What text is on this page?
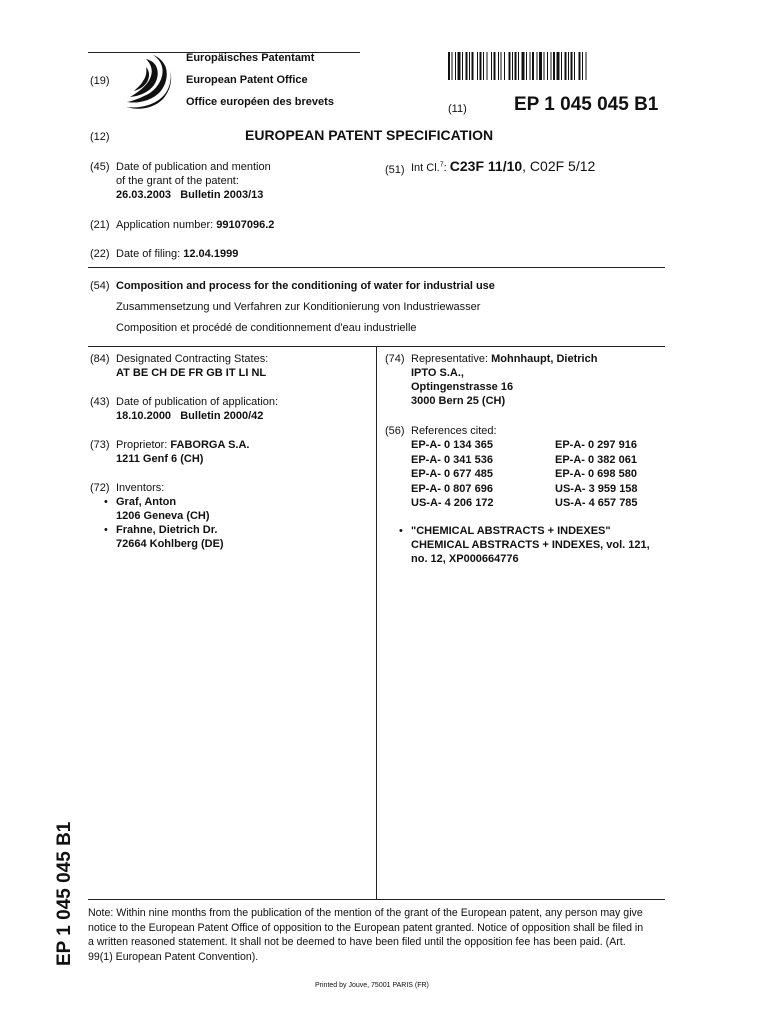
(19)
Europäisches Patentamt
European Patent Office
Office européen des brevets
(11) EP 1 045 045 B1
(12)	EUROPEAN PATENT SPECIFICATION
(45) Date of publication and mention
of the grant of the patent:
26.03.2003   Bulletin 2003/13
(51) Int Cl.$^7$: C23F 11/10, C02F 5/12
(21) Application number: 99107096.2
(22) Date of filing: 12.04.1999
(54) Composition and process for the conditioning of water for industrial use
Zusammensetzung und Verfahren zur Konditionierung von Industriewasser
Composition et procédé de conditionnement d'eau industrielle
(84) Designated Contracting States:
AT BE CH DE FR GB IT LI NL
(43) Date of publication of application:
18.10.2000   Bulletin 2000/42
(73) Proprietor: FABORGA S.A.
1211 Genf 6 (CH)
(72) Inventors:
• Graf, Anton
1206 Geneva (CH)
• Frahne, Dietrich Dr.
72664 Kohlberg (DE)
(74) Representative: Mohnhaupt, Dietrich
IPTO S.A.,
Optingenstrasse 16
3000 Bern 25 (CH)
(56) References cited:
EP-A- 0 134 365
EP-A- 0 341 536
EP-A- 0 677 485
EP-A- 0 807 696
US-A- 4 206 172
EP-A- 0 297 916
EP-A- 0 382 061
EP-A- 0 698 580
US-A- 3 959 158
US-A- 4 657 785
• "CHEMICAL ABSTRACTS + INDEXES"
CHEMICAL ABSTRACTS + INDEXES, vol. 121,
no. 12, XP000664776
Note: Within nine months from the publication of the mention of the grant of the European patent, any person may give
notice to the European Patent Office of opposition to the European patent granted. Notice of opposition shall be filed in
a written reasoned statement. It shall not be deemed to have been filed until the opposition fee has been paid. (Art.
99(1) European Patent Convention).
Printed by Jouve, 75001 PARIS (FR)
EP 1 045 045 B1
